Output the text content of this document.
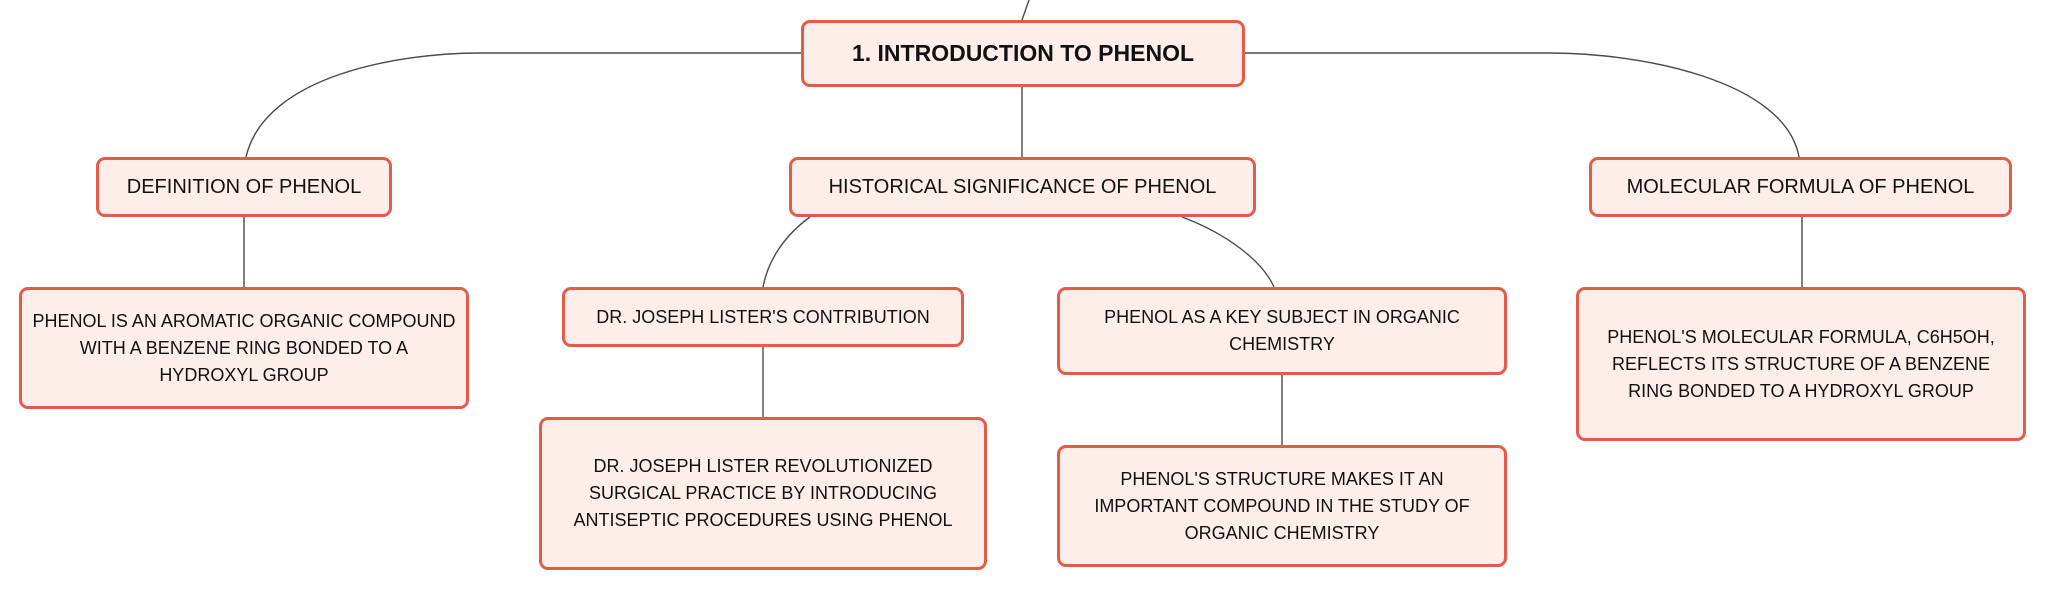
1. INTRODUCTION TO PHENOL
DEFINITION OF PHENOL	HISTORICAL SIGNIFICANCE OF PHENOL	MOLECULAR FORMULA OF PHENOL
PHENOL IS AN AROMATIC ORGANIC COMPOUND WITH A BENZENE RING BONDED TO A HYDROXYL GROUP
DR. JOSEPH LISTER'S CONTRIBUTION	PHENOL AS A KEY SUBJECT IN ORGANIC CHEMISTRY	PHENOL'S MOLECULAR FORMULA, C6H5OH, REFLECTS ITS STRUCTURE OF A BENZENE RING BONDED TO A HYDROXYL GROUP
DR. JOSEPH LISTER REVOLUTIONIZED SURGICAL PRACTICE BY INTRODUCING ANTISEPTIC PROCEDURES USING PHENOL
PHENOL'S STRUCTURE MAKES IT AN IMPORTANT COMPOUND IN THE STUDY OF ORGANIC CHEMISTRY
